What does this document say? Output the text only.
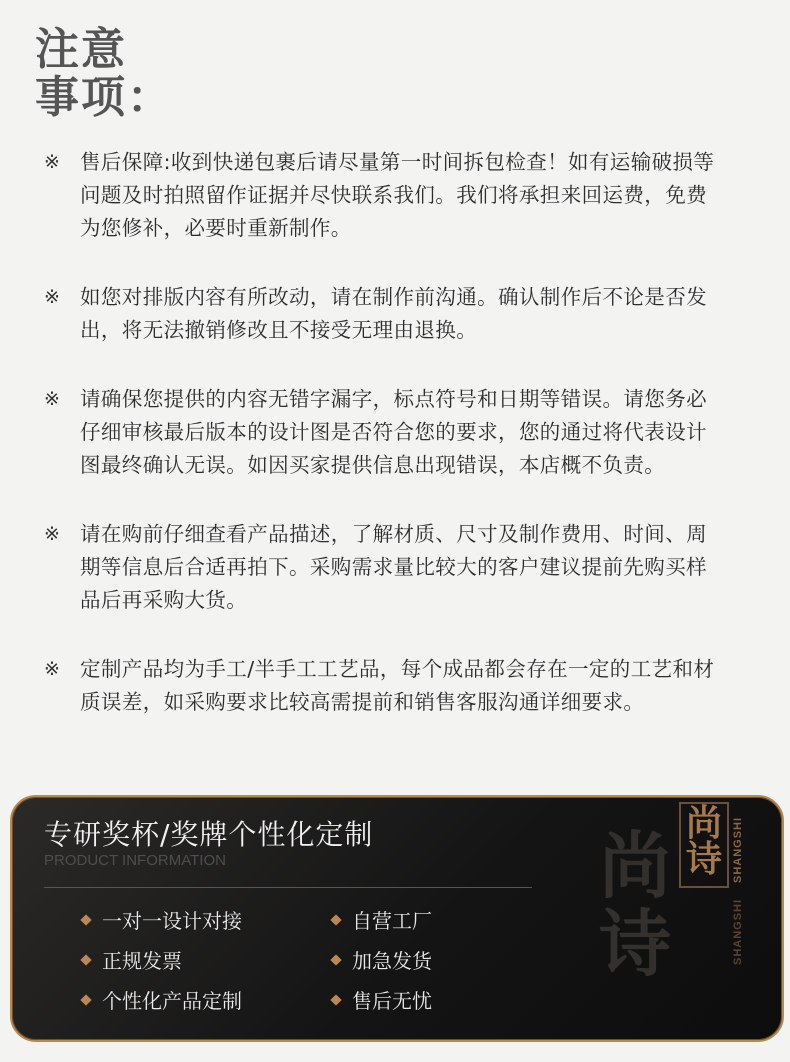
注意
事项：
※ 售后保障:收到快递包裹后请尽量第一时间拆包检查！如有运输破损等问题及时拍照留作证据并尽快联系我们。我们将承担来回运费，免费为您修补，必要时重新制作。
※ 如您对排版内容有所改动，请在制作前沟通。确认制作后不论是否发出，将无法撤销修改且不接受无理由退换。
※ 请确保您提供的内容无错字漏字，标点符号和日期等错误。请您务必仔细审核最后版本的设计图是否符合您的要求，您的通过将代表设计图最终确认无误。如因买家提供信息出现错误，本店概不负责。
※ 请在购前仔细查看产品描述，了解材质、尺寸及制作费用、时间、周期等信息后合适再拍下。采购需求量比较大的客户建议提前先购买样品后再采购大货。
※ 定制产品均为手工/半手工工艺品，每个成品都会存在一定的工艺和材质误差，如采购要求比较高需提前和销售客服沟通详细要求。
专研奖杯/奖牌个性化定制
PRODUCT INFORMATION
一对一设计对接	自营工厂
正规发票	加急发货
个性化产品定制	售后无忧
尚
诗
尚
诗 SHANGSHI
SHANGSHI
